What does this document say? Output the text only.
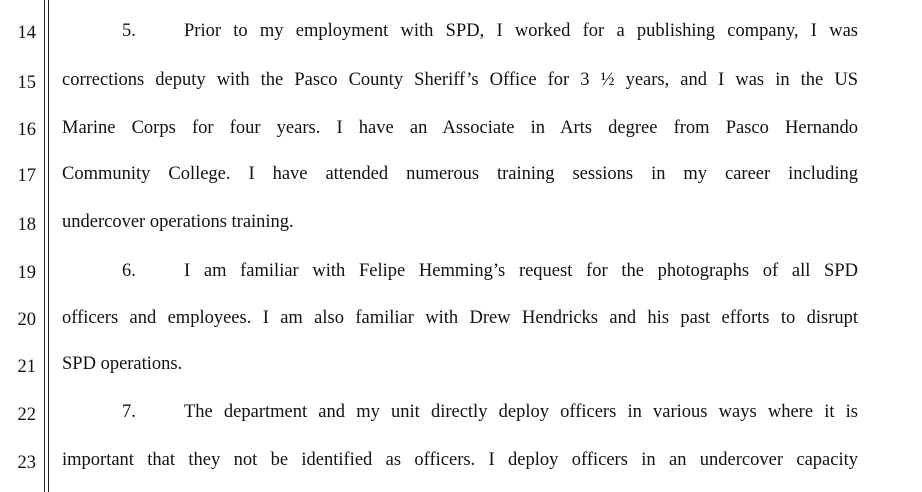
14
15
16
17
18
19
20
21
22
23
5.	Prior to my employment with SPD, I worked for a publishing company, I was
corrections deputy with the Pasco County Sheriff’s Office for 3 ½ years, and I was in the US
Marine Corps for four years. I have an Associate in Arts degree from Pasco Hernando
Community College. I have attended numerous training sessions in my career including
undercover operations training.
6.	I am familiar with Felipe Hemming’s request for the photographs of all SPD
officers and employees. I am also familiar with Drew Hendricks and his past efforts to disrupt
SPD operations.
7.	The department and my unit directly deploy officers in various ways where it is
important that they not be identified as officers. I deploy officers in an undercover capacity
